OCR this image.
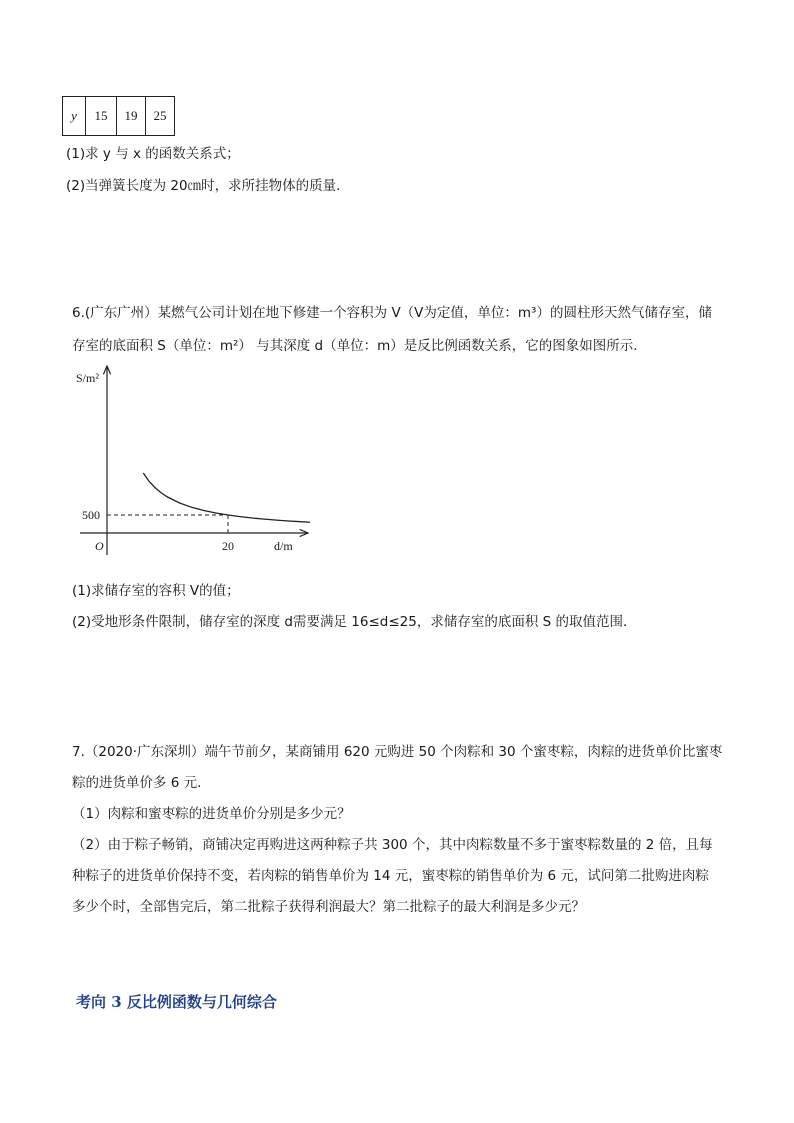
y	15	19	25
(1)求 y 与 x 的函数关系式；
(2)当弹簧长度为 20㎝时，求所挂物体的质量．
6.(广东广州）某燃气公司计划在地下修建一个容积为 V（V为定值，单位：m³）的圆柱形天然气储存室，储
存室的底面积 S（单位：m²） 与其深度 d（单位：m）是反比例函数关系，它的图象如图所示．
S/m²
d/m
O
500
20
(1)求储存室的容积 V的值；
(2)受地形条件限制，储存室的深度 d需要满足 16≤d≤25，求储存室的底面积 S 的取值范围．
7.（2020·广东深圳）端午节前夕，某商铺用 620 元购进 50 个肉粽和 30 个蜜枣粽，肉粽的进货单价比蜜枣
粽的进货单价多 6 元．
（1）肉粽和蜜枣粽的进货单价分别是多少元？
（2）由于粽子畅销，商铺决定再购进这两种粽子共 300 个，其中肉粽数量不多于蜜枣粽数量的 2 倍，且每
种粽子的进货单价保持不变，若肉粽的销售单价为 14 元，蜜枣粽的销售单价为 6 元，试问第二批购进肉粽
多少个时，全部售完后，第二批粽子获得利润最大？第二批粽子的最大利润是多少元？
考向 3 反比例函数与几何综合
